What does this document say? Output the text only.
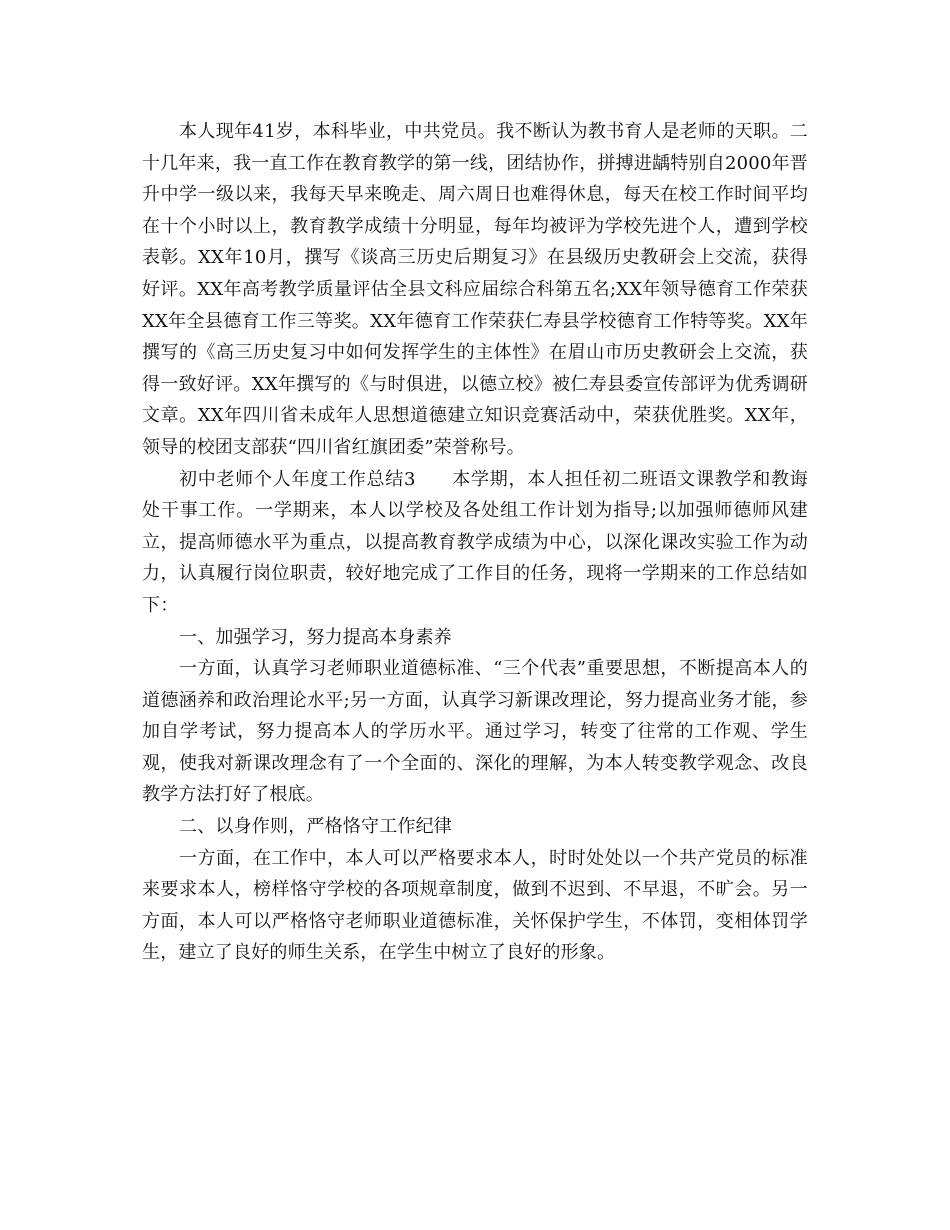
本人现年41岁，本科毕业，中共党员。我不断认为教书育人是老师的天职。二十几年来，我一直工作在教育教学的第一线，团结协作，拼搏进龋特别自2000年晋升中学一级以来，我每天早来晚走、周六周日也难得休息，每天在校工作时间平均在十个小时以上，教育教学成绩十分明显，每年均被评为学校先进个人，遭到学校表彰。XX年10月，撰写《谈高三历史后期复习》在县级历史教研会上交流，获得好评。XX年高考教学质量评估全县文科应届综合科第五名;XX年领导德育工作荣获XX年全县德育工作三等奖。XX年德育工作荣获仁寿县学校德育工作特等奖。XX年撰写的《高三历史复习中如何发挥学生的主体性》在眉山市历史教研会上交流，获得一致好评。XX年撰写的《与时俱进，以德立校》被仁寿县委宣传部评为优秀调研文章。XX年四川省未成年人思想道德建立知识竞赛活动中，荣获优胜奖。XX年，领导的校团支部获“四川省红旗团委”荣誉称号。

初中老师个人年度工作总结3 本学期，本人担任初二班语文课教学和教诲处干事工作。一学期来，本人以学校及各处组工作计划为指导;以加强师德师风建立，提高师德水平为重点，以提高教育教学成绩为中心，以深化课改实验工作为动力，认真履行岗位职责，较好地完成了工作目的任务，现将一学期来的工作总结如下：

一、加强学习，努力提高本身素养

一方面，认真学习老师职业道德标准、“三个代表”重要思想，不断提高本人的道德涵养和政治理论水平;另一方面，认真学习新课改理论，努力提高业务才能，参加自学考试，努力提高本人的学历水平。通过学习，转变了往常的工作观、学生观，使我对新课改理念有了一个全面的、深化的理解，为本人转变教学观念、改良教学方法打好了根底。

二、以身作则，严格恪守工作纪律

一方面，在工作中，本人可以严格要求本人，时时处处以一个共产党员的标准来要求本人，榜样恪守学校的各项规章制度，做到不迟到、不早退，不旷会。另一方面，本人可以严格恪守老师职业道德标准，关怀保护学生，不体罚，变相体罚学生，建立了良好的师生关系，在学生中树立了良好的形象。
